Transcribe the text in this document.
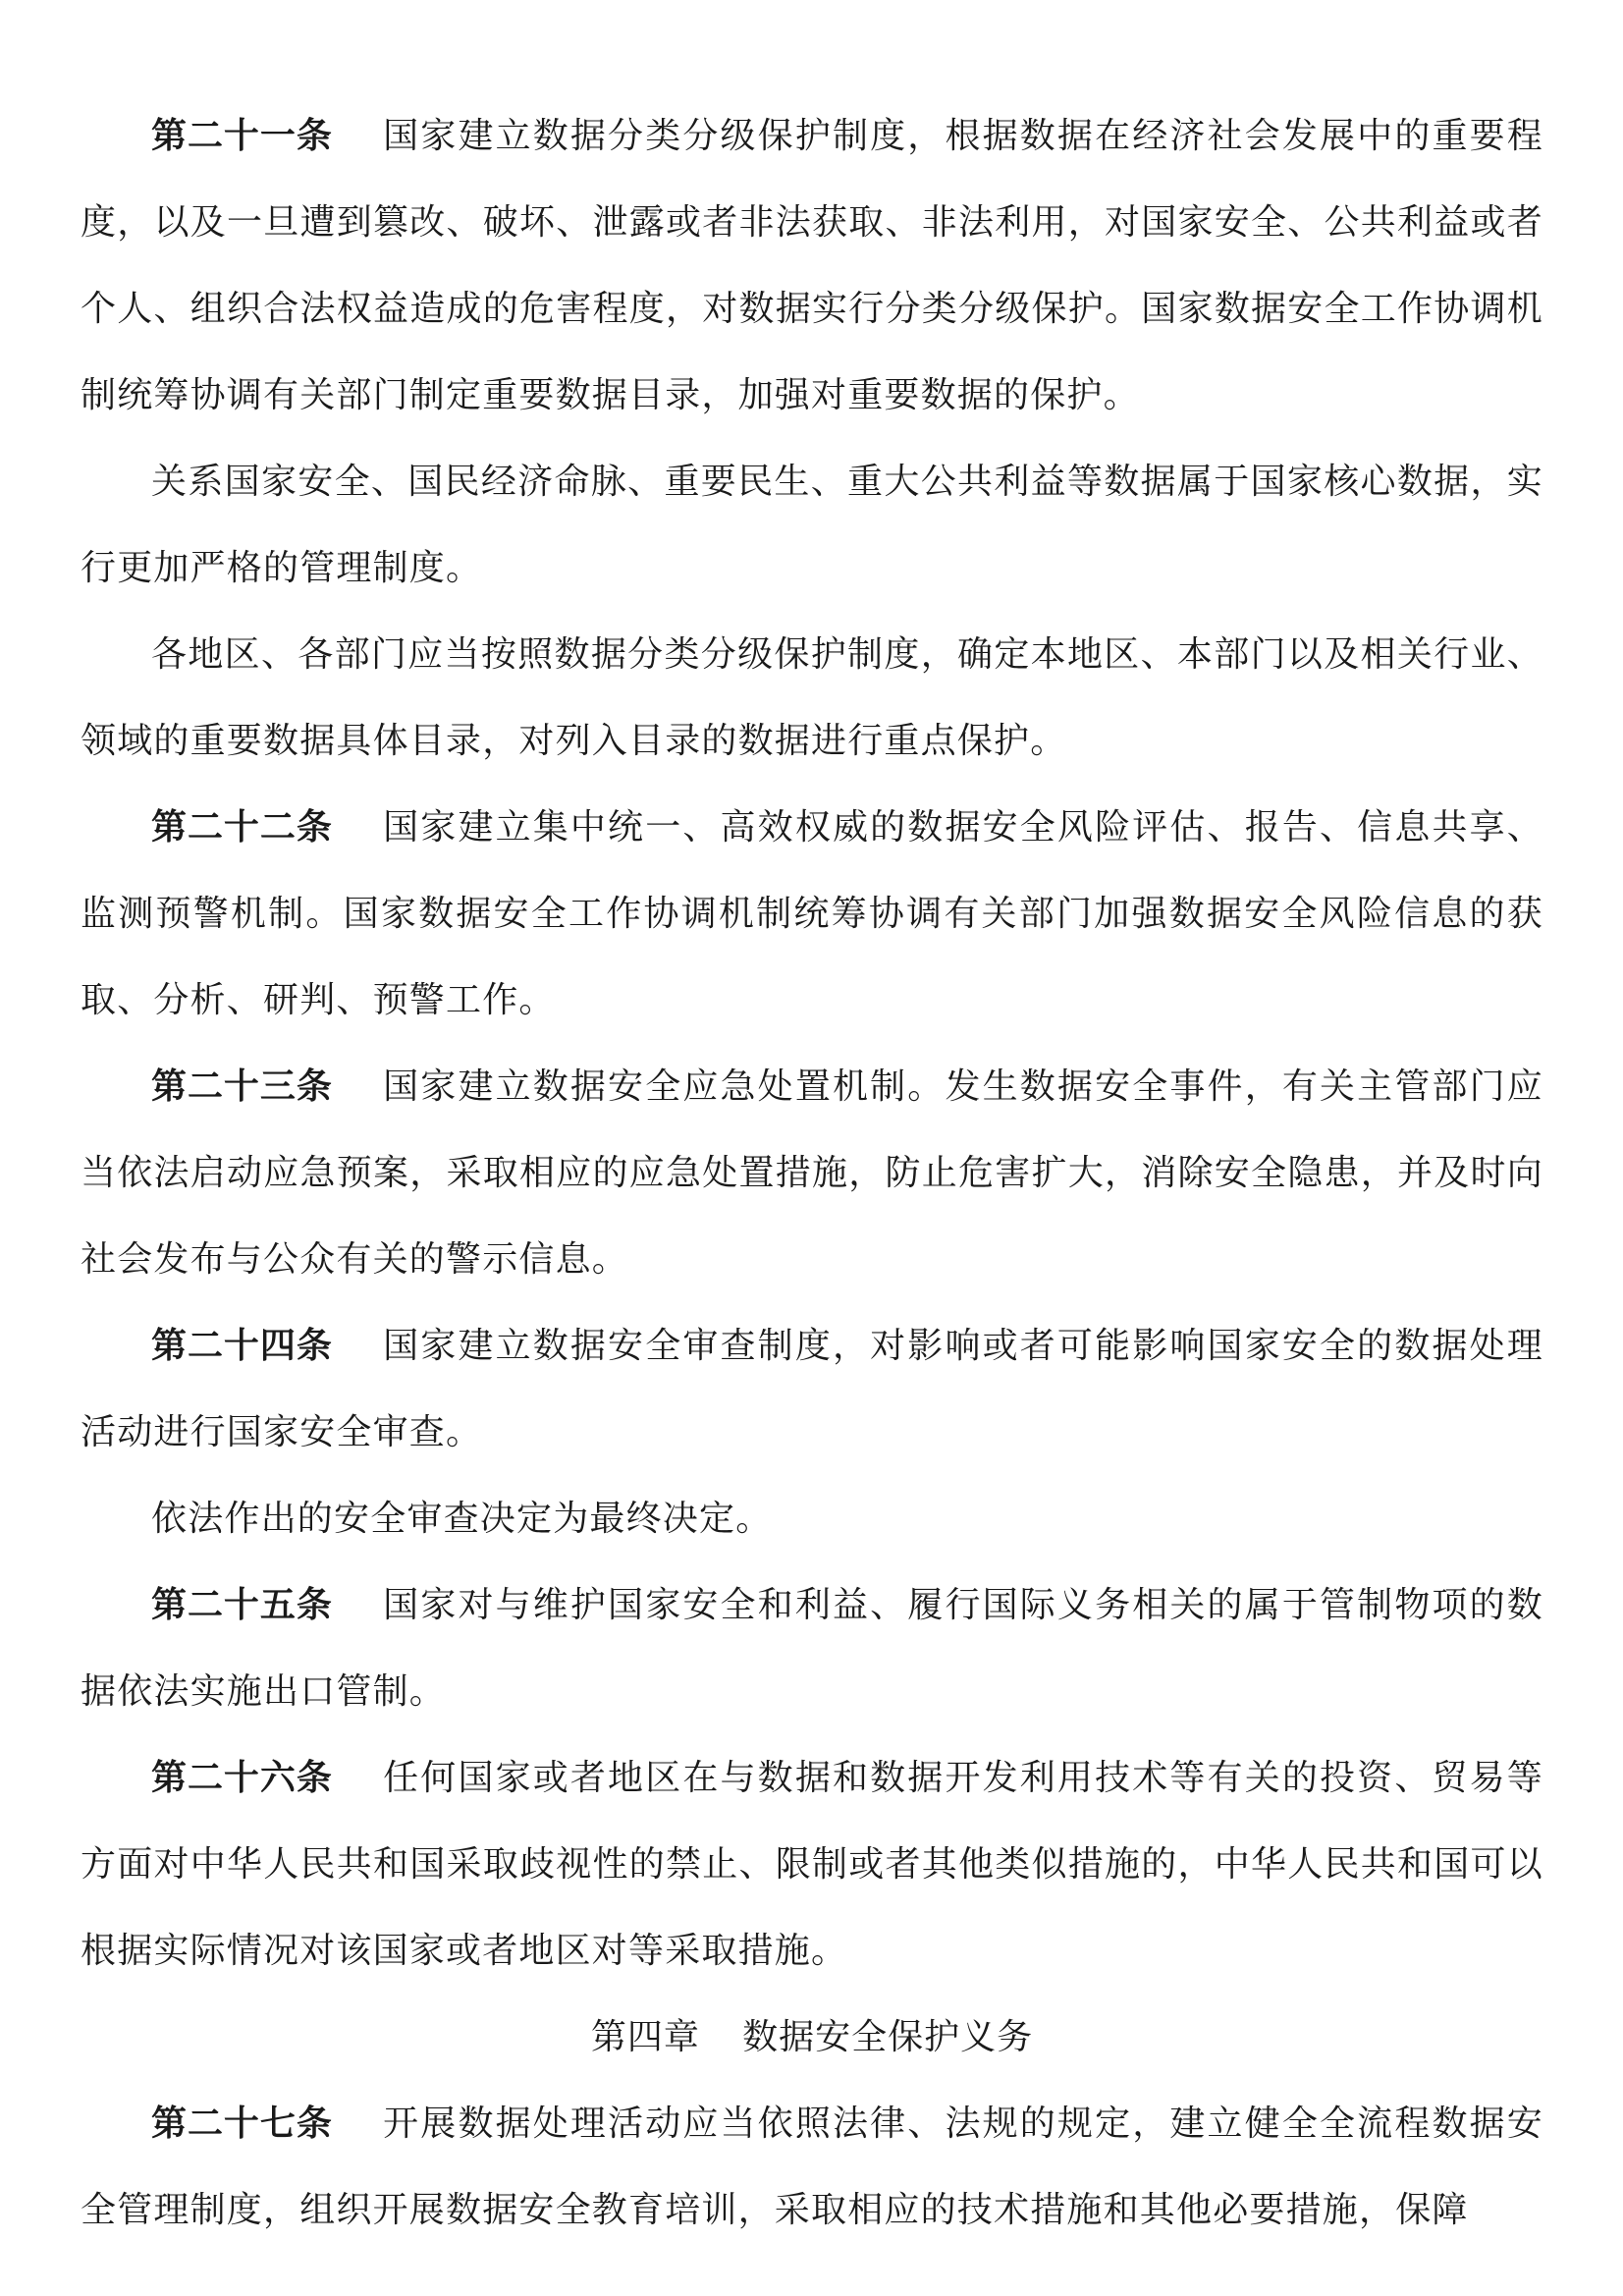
第二十一条 国家建立数据分类分级保护制度，根据数据在经济社会发展中的重要程度，以及一旦遭到篡改、破坏、泄露或者非法获取、非法利用，对国家安全、公共利益或者个人、组织合法权益造成的危害程度，对数据实行分类分级保护。国家数据安全工作协调机制统筹协调有关部门制定重要数据目录，加强对重要数据的保护。

关系国家安全、国民经济命脉、重要民生、重大公共利益等数据属于国家核心数据，实行更加严格的管理制度。

各地区、各部门应当按照数据分类分级保护制度，确定本地区、本部门以及相关行业、领域的重要数据具体目录，对列入目录的数据进行重点保护。

第二十二条 国家建立集中统一、高效权威的数据安全风险评估、报告、信息共享、监测预警机制。国家数据安全工作协调机制统筹协调有关部门加强数据安全风险信息的获取、分析、研判、预警工作。

第二十三条 国家建立数据安全应急处置机制。发生数据安全事件，有关主管部门应当依法启动应急预案，采取相应的应急处置措施，防止危害扩大，消除安全隐患，并及时向社会发布与公众有关的警示信息。

第二十四条 国家建立数据安全审查制度，对影响或者可能影响国家安全的数据处理活动进行国家安全审查。

依法作出的安全审查决定为最终决定。

第二十五条 国家对与维护国家安全和利益、履行国际义务相关的属于管制物项的数据依法实施出口管制。

第二十六条 任何国家或者地区在与数据和数据开发利用技术等有关的投资、贸易等方面对中华人民共和国采取歧视性的禁止、限制或者其他类似措施的，中华人民共和国可以根据实际情况对该国家或者地区对等采取措施。

第四章 数据安全保护义务

第二十七条 开展数据处理活动应当依照法律、法规的规定，建立健全全流程数据安全管理制度，组织开展数据安全教育培训，采取相应的技术措施和其他必要措施，保障
